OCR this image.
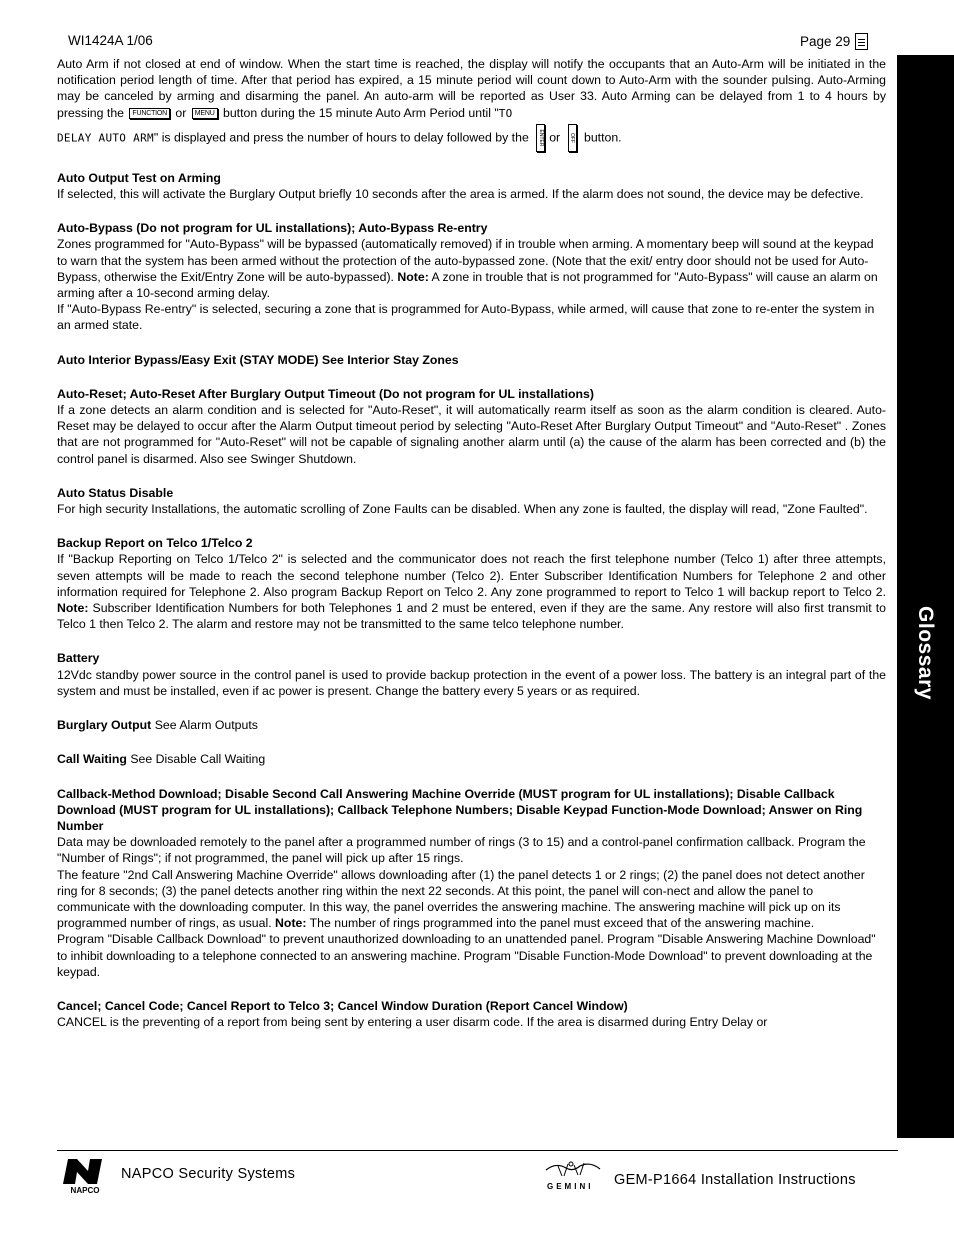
WI1424A 1/06	Page 29
Glossary

Auto Arm if not closed at end of window. When the start time is reached, the display will notify the occupants that an Auto-Arm will be initiated in the notification period length of time. After that period has expired, a 15 minute period will count down to Auto-Arm with the sounder pulsing. Auto-Arming may be canceled by arming and disarming the panel. An auto-arm will be reported as User 33. Auto Arming can be delayed from 1 to 4 hours by pressing the FUNCTION or MENU button during the 15 minute Auto Arm Period until "TO

DELAY AUTO ARM" is displayed and press the number of hours to delay followed by the	ENTER or	OFF button.

Auto Output Test on Arming

If selected, this will activate the Burglary Output briefly 10 seconds after the area is armed. If the alarm does not sound, the device may be defective.

Auto-Bypass (Do not program for UL installations); Auto-Bypass Re-entry

Zones programmed for "Auto-Bypass" will be bypassed (automatically removed) if in trouble when arming. A momentary beep will sound at the keypad to warn that the system has been armed without the protection of the auto-bypassed zone. (Note that the exit/ entry door should not be used for Auto-Bypass, otherwise the Exit/Entry Zone will be auto-bypassed). Note: A zone in trouble that is not programmed for "Auto-Bypass" will cause an alarm on arming after a 10-second arming delay.

If "Auto-Bypass Re-entry" is selected, securing a zone that is programmed for Auto-Bypass, while armed, will cause that zone to re-enter the system in an armed state.

Auto Interior Bypass/Easy Exit (STAY MODE) See Interior Stay Zones
Auto-Reset; Auto-Reset After Burglary Output Timeout (Do not program for UL installations)

If a zone detects an alarm condition and is selected for "Auto-Reset", it will automatically rearm itself as soon as the alarm condition is cleared. Auto-Reset may be delayed to occur after the Alarm Output timeout period by selecting "Auto-Reset After Burglary Output Timeout" and "Auto-Reset" . Zones that are not programmed for "Auto-Reset" will not be capable of signaling another alarm until (a) the cause of the alarm has been corrected and (b) the control panel is disarmed. Also see Swinger Shutdown.

Auto Status Disable

For high security Installations, the automatic scrolling of Zone Faults can be disabled. When any zone is faulted, the display will read, "Zone Faulted".

Backup Report on Telco 1/Telco 2

If "Backup Reporting on Telco 1/Telco 2" is selected and the communicator does not reach the first telephone number (Telco 1) after three attempts, seven attempts will be made to reach the second telephone number (Telco 2). Enter Subscriber Identification Numbers for Telephone 2 and other information required for Telephone 2. Also program Backup Report on Telco 2. Any zone programmed to report to Telco 1 will backup report to Telco 2. Note: Subscriber Identification Numbers for both Telephones 1 and 2 must be entered, even if they are the same. Any restore will also first transmit to Telco 1 then Telco 2. The alarm and restore may not be transmitted to the same telco telephone number.

Battery

12Vdc standby power source in the control panel is used to provide backup protection in the event of a power loss. The battery is an integral part of the system and must be installed, even if ac power is present. Change the battery every 5 years or as required.

Burglary Output See Alarm Outputs

Call Waiting See Disable Call Waiting

Callback-Method Download; Disable Second Call Answering Machine Override (MUST program for UL installations); Disable Callback Download (MUST program for UL installations); Callback Telephone Numbers; Disable Keypad Function-Mode Download; Answer on Ring Number

Data may be downloaded remotely to the panel after a programmed number of rings (3 to 15) and a control-panel confirmation callback. Program the "Number of Rings"; if not programmed, the panel will pick up after 15 rings.

The feature "2nd Call Answering Machine Override" allows downloading after (1) the panel detects 1 or 2 rings; (2) the panel does not detect another ring for 8 seconds; (3) the panel detects another ring within the next 22 seconds. At this point, the panel will con-nect and allow the panel to communicate with the downloading computer. In this way, the panel overrides the answering machine. The answering machine will pick up on its programmed number of rings, as usual. Note: The number of rings programmed into the panel must exceed that of the answering machine.

Program "Disable Callback Download" to prevent unauthorized downloading to an unattended panel. Program "Disable Answering Machine Download" to inhibit downloading to a telephone connected to an answering machine. Program "Disable Function-Mode Download" to prevent downloading at the keypad.

Cancel; Cancel Code; Cancel Report to Telco 3; Cancel Window Duration (Report Cancel Window)

CANCEL is the preventing of a report from being sent by entering a user disarm code. If the area is disarmed during Entry Delay or

NAPCO
NAPCO Security Systems
GEMINI GEM-P1664 Installation Instructions
